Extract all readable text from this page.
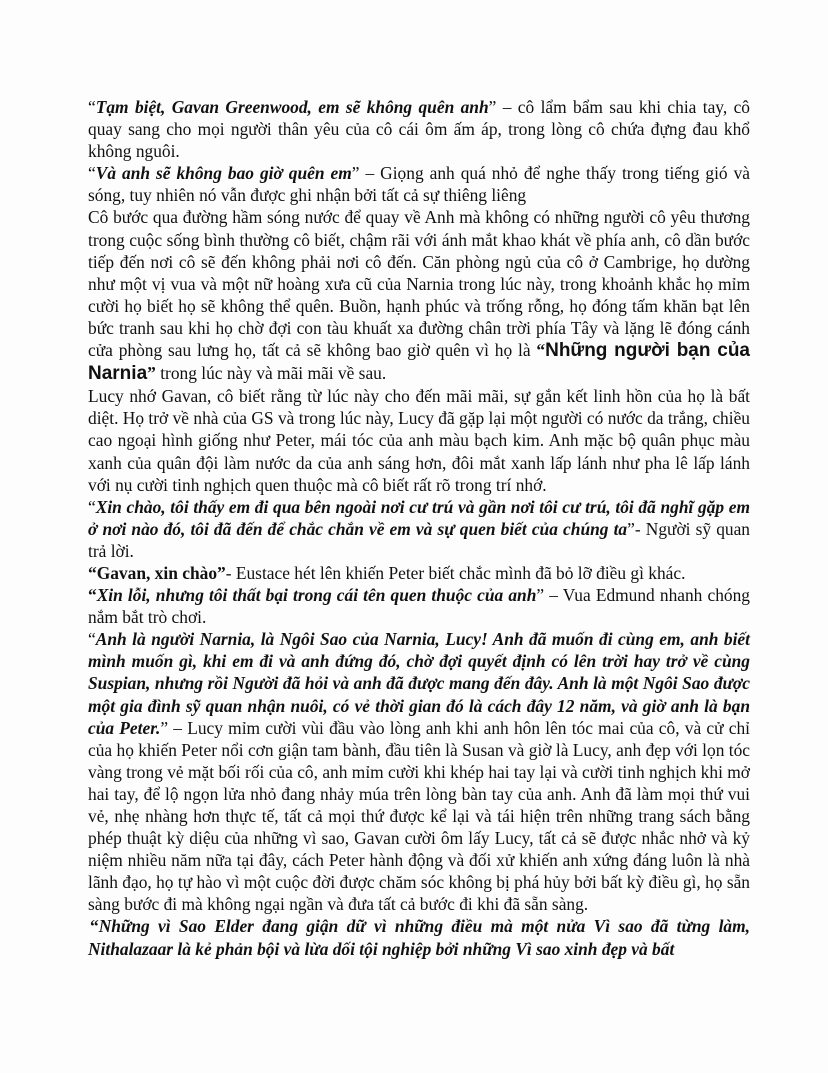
“Tạm biệt, Gavan Greenwood, em sẽ không quên anh” – cô lẩm bẩm sau khi chia tay, cô quay sang cho mọi người thân yêu của cô cái ôm ấm áp, trong lòng cô chứa đựng đau khổ không nguôi.

“Và anh sẽ không bao giờ quên em” – Giọng anh quá nhỏ để nghe thấy trong tiếng gió và sóng, tuy nhiên nó vẫn được ghi nhận bởi tất cả sự thiêng liêng

Cô bước qua đường hầm sóng nước để quay về Anh mà không có những người cô yêu thương trong cuộc sống bình thường cô biết, chậm rãi với ánh mắt khao khát về phía anh, cô dần bước tiếp đến nơi cô sẽ đến không phải nơi cô đến. Căn phòng ngủ của cô ở Cambrige, họ dường như một vị vua và một nữ hoàng xưa cũ của Narnia trong lúc này, trong khoảnh khắc họ mỉm cười họ biết họ sẽ không thể quên. Buồn, hạnh phúc và trống rỗng, họ đóng tấm khăn bạt lên bức tranh sau khi họ chờ đợi con tàu khuất xa đường chân trời phía Tây và lặng lẽ đóng cánh cửa phòng sau lưng họ, tất cả sẽ không bao giờ quên vì họ là “Những người bạn của Narnia” trong lúc này và mãi mãi về sau.

Lucy nhớ Gavan, cô biết rằng từ lúc này cho đến mãi mãi, sự gắn kết linh hồn của họ là bất diệt. Họ trở về nhà của GS và trong lúc này, Lucy đã gặp lại một người có nước da trắng, chiều cao ngoại hình giống như Peter, mái tóc của anh màu bạch kim. Anh mặc bộ quân phục màu xanh của quân đội làm nước da của anh sáng hơn, đôi mắt xanh lấp lánh như pha lê lấp lánh với nụ cười tinh nghịch quen thuộc mà cô biết rất rõ trong trí nhớ.

“Xin chào, tôi thấy em đi qua bên ngoài nơi cư trú và gần nơi tôi cư trú, tôi đã nghĩ gặp em ở nơi nào đó, tôi đã đến để chắc chắn về em và sự quen biết của chúng ta”- Người sỹ quan trả lời.

“Gavan, xin chào”- Eustace hét lên khiến Peter biết chắc mình đã bỏ lỡ điều gì khác.

“Xin lỗi, nhưng tôi thất bại trong cái tên quen thuộc của anh” – Vua Edmund nhanh chóng nắm bắt trò chơi.

“Anh là người Narnia, là Ngôi Sao của Narnia, Lucy! Anh đã muốn đi cùng em, anh biết mình muốn gì, khi em đi và anh đứng đó, chờ đợi quyết định có lên trời hay trở về cùng Suspian, nhưng rồi Người đã hỏi và anh đã được mang đến đây. Anh là một Ngôi Sao được một gia đình sỹ quan nhận nuôi, có vẻ thời gian đó là cách đây 12 năm, và giờ anh là bạn của Peter.” – Lucy mỉm cười vùi đầu vào lòng anh khi anh hôn lên tóc mai của cô, và cử chỉ của họ khiến Peter nổi cơn giận tam bành, đầu tiên là Susan và giờ là Lucy, anh đẹp với lọn tóc vàng trong vẻ mặt bối rối của cô, anh mỉm cười khi khép hai tay lại và cười tinh nghịch khi mở hai tay, để lộ ngọn lửa nhỏ đang nhảy múa trên lòng bàn tay của anh. Anh đã làm mọi thứ vui vẻ, nhẹ nhàng hơn thực tế, tất cả mọi thứ được kể lại và tái hiện trên những trang sách bằng phép thuật kỳ diệu của những vì sao, Gavan cười ôm lấy Lucy, tất cả sẽ được nhắc nhở và kỷ niệm nhiều năm nữa tại đây, cách Peter hành động và đối xử khiến anh xứng đáng luôn là nhà lãnh đạo, họ tự hào vì một cuộc đời được chăm sóc không bị phá hủy bởi bất kỳ điều gì, họ sẵn sàng bước đi mà không ngại ngần và đưa tất cả bước đi khi đã sẵn sàng.

“Những vì Sao Elder đang giận dữ vì những điều mà một nửa Vì sao đã từng làm, Nithalazaar là kẻ phản bội và lừa dối tội nghiệp bởi những Vì sao xinh đẹp và bất
